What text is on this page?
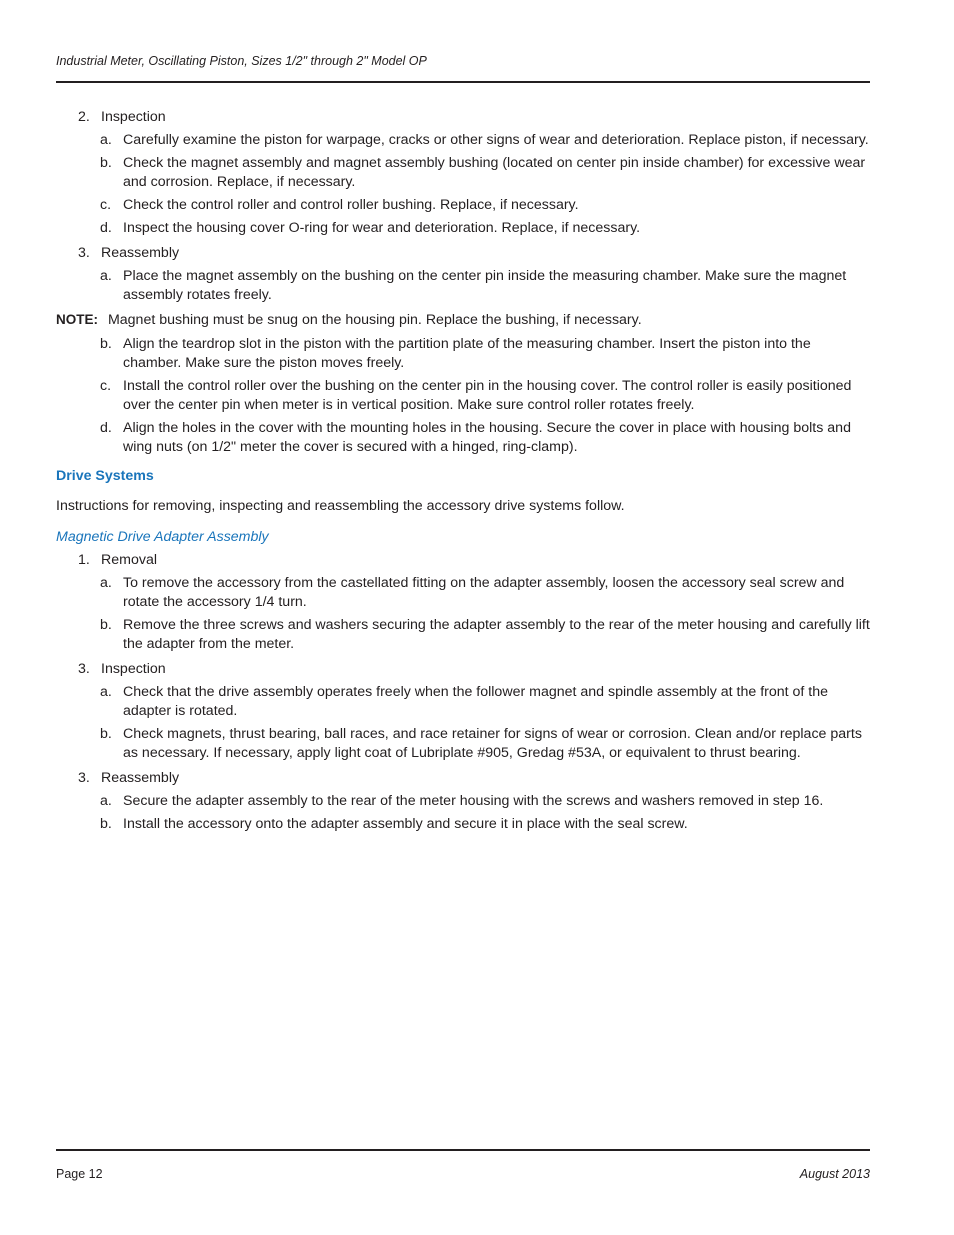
Industrial Meter, Oscillating Piston, Sizes 1/2" through 2" Model OP
2. Inspection
a. Carefully examine the piston for warpage, cracks or other signs of wear and deterioration. Replace piston, if necessary.
b. Check the magnet assembly and magnet assembly bushing (located on center pin inside chamber) for excessive wear and corrosion. Replace, if necessary.
c. Check the control roller and control roller bushing. Replace, if necessary.
d. Inspect the housing cover O-ring for wear and deterioration. Replace, if necessary.
3. Reassembly
a. Place the magnet assembly on the bushing on the center pin inside the measuring chamber. Make sure the magnet assembly rotates freely.
NOTE: Magnet bushing must be snug on the housing pin. Replace the bushing, if necessary.
b. Align the teardrop slot in the piston with the partition plate of the measuring chamber. Insert the piston into the chamber. Make sure the piston moves freely.
c. Install the control roller over the bushing on the center pin in the housing cover. The control roller is easily positioned over the center pin when meter is in vertical position. Make sure control roller rotates freely.
d. Align the holes in the cover with the mounting holes in the housing. Secure the cover in place with housing bolts and wing nuts (on 1/2" meter the cover is secured with a hinged, ring-clamp).
Drive Systems
Instructions for removing, inspecting and reassembling the accessory drive systems follow.
Magnetic Drive Adapter Assembly
1. Removal
a. To remove the accessory from the castellated fitting on the adapter assembly, loosen the accessory seal screw and rotate the accessory 1/4 turn.
b. Remove the three screws and washers securing the adapter assembly to the rear of the meter housing and carefully lift the adapter from the meter.
3. Inspection
a. Check that the drive assembly operates freely when the follower magnet and spindle assembly at the front of the adapter is rotated.
b. Check magnets, thrust bearing, ball races, and race retainer for signs of wear or corrosion. Clean and/or replace parts as necessary. If necessary, apply light coat of Lubriplate #905, Gredag #53A, or equivalent to thrust bearing.
3. Reassembly
a. Secure the adapter assembly to the rear of the meter housing with the screws and washers removed in step 16.
b. Install the accessory onto the adapter assembly and secure it in place with the seal screw.
Page 12	August 2013
